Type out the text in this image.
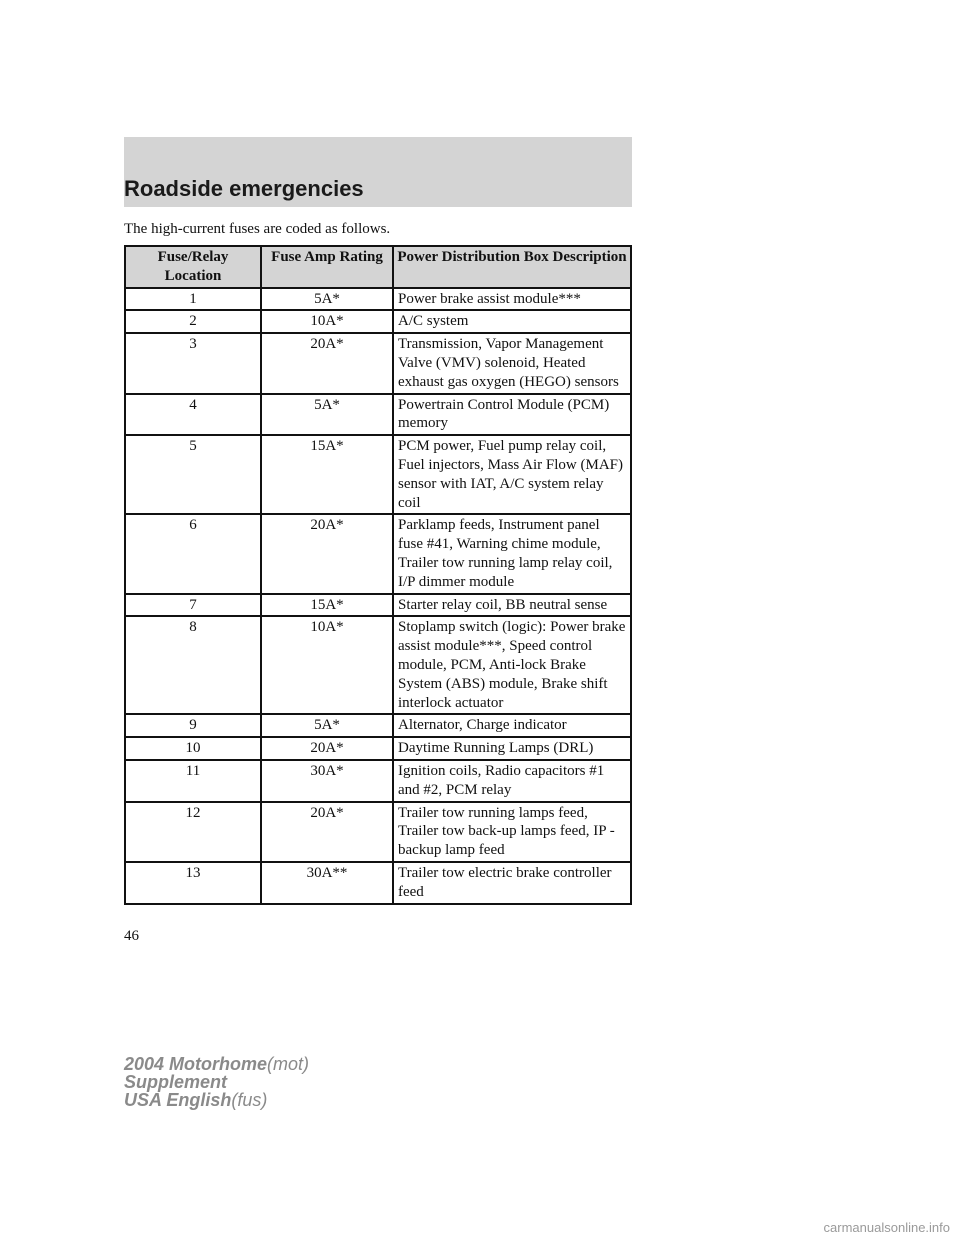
Roadside emergencies
The high-current fuses are coded as follows.
Fuse/Relay Location	Fuse Amp Rating	Power Distribution Box Description
1	5A*	Power brake assist module***
2	10A*	A/C system
3	20A*	Transmission, Vapor Management Valve (VMV) solenoid, Heated exhaust gas oxygen (HEGO) sensors
4	5A*	Powertrain Control Module (PCM) memory
5	15A*	PCM power, Fuel pump relay coil, Fuel injectors, Mass Air Flow (MAF) sensor with IAT, A/C system relay coil
6	20A*	Parklamp feeds, Instrument panel fuse #41, Warning chime module, Trailer tow running lamp relay coil, I/P dimmer module
7	15A*	Starter relay coil, BB neutral sense
8	10A*	Stoplamp switch (logic): Power brake assist module***, Speed control module, PCM, Anti-lock Brake System (ABS) module, Brake shift interlock actuator
9	5A*	Alternator, Charge indicator
10	20A*	Daytime Running Lamps (DRL)
11	30A*	Ignition coils, Radio capacitors #1 and #2, PCM relay
12	20A*	Trailer tow running lamps feed, Trailer tow back-up lamps feed, IP - backup lamp feed
13	30A**	Trailer tow electric brake controller feed
46
2004 Motorhome(mot)
Supplement
USA English(fus)
carmanualsonline.info
